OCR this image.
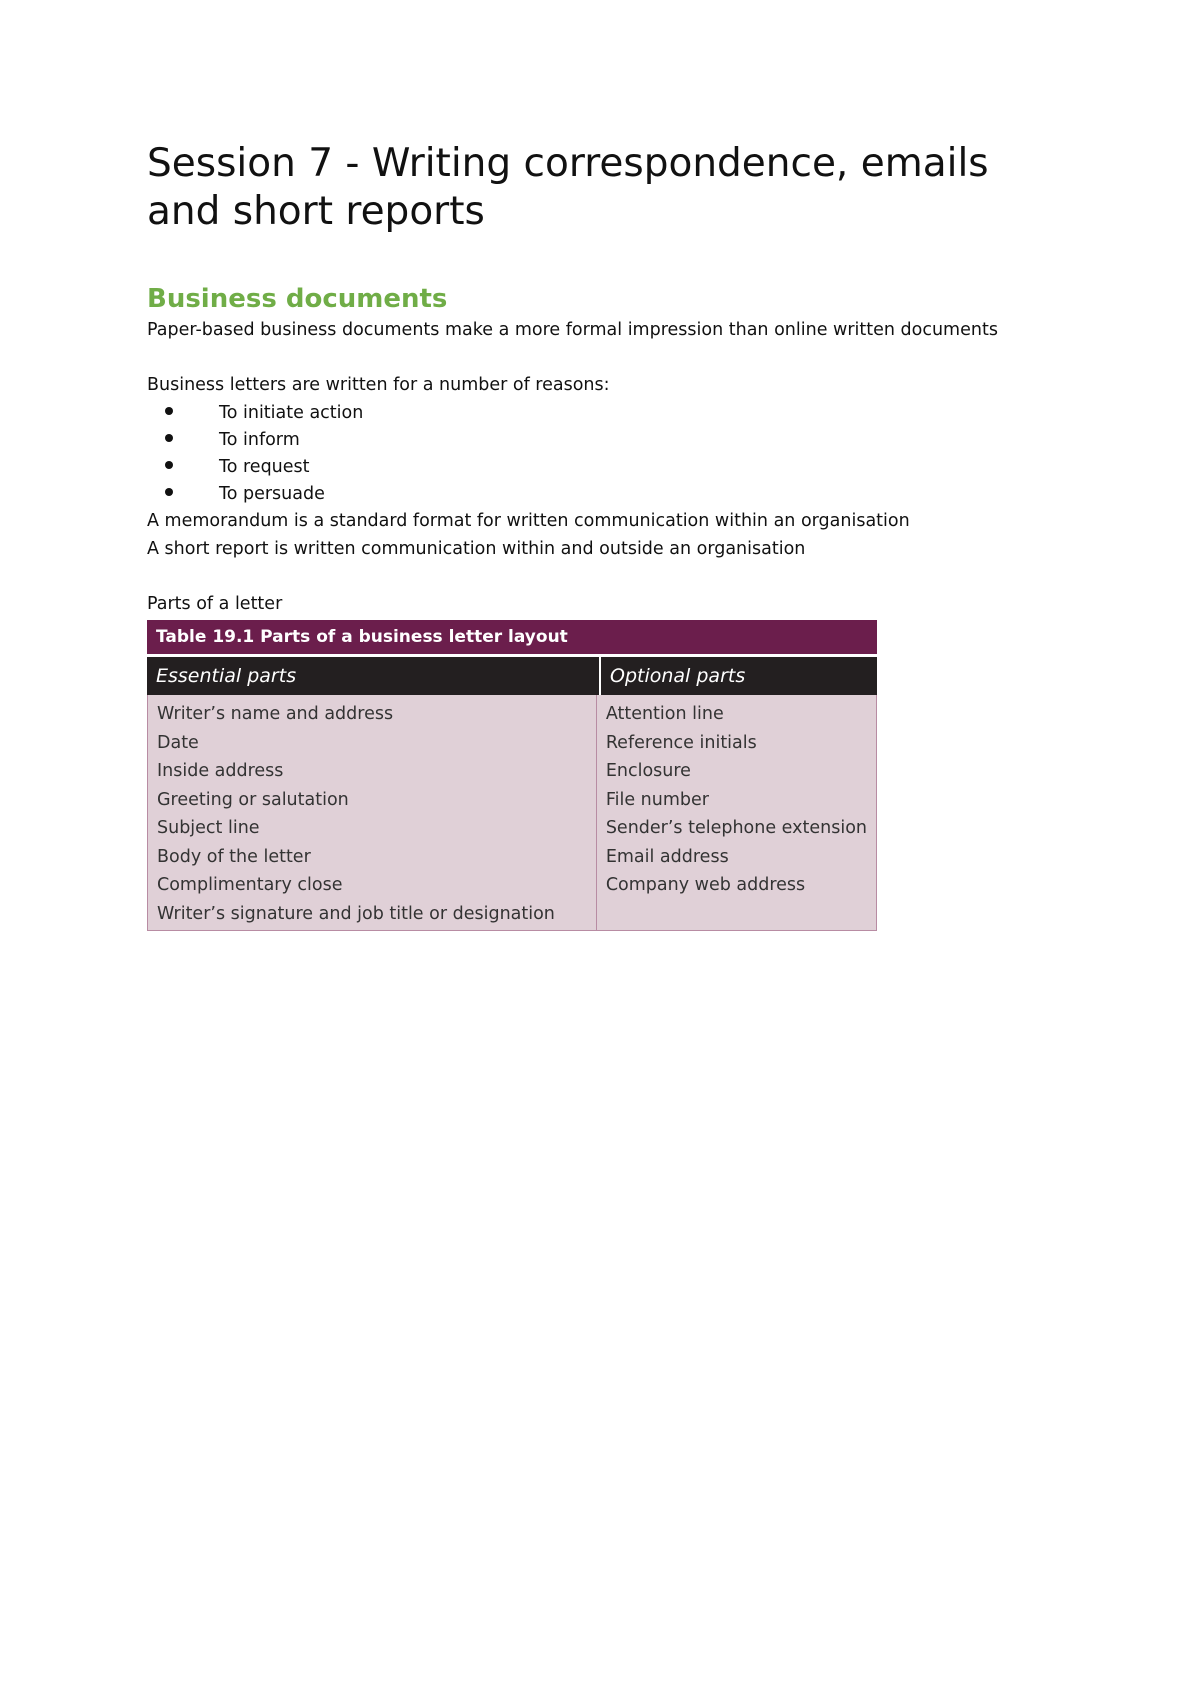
Session 7 - Writing correspondence, emails and short reports
Business documents

Paper-based business documents make a more formal impression than online written documents

Business letters are written for a number of reasons:

To initiate action
To inform
To request
To persuade

A memorandum is a standard format for written communication within an organisation

A short report is written communication within and outside an organisation

Parts of a letter

Table 19.1 Parts of a business letter layout
Essential parts	Optional parts
Writer’s name and address
Date
Inside address
Greeting or salutation
Subject line
Body of the letter
Complimentary close
Writer’s signature and job title or designation
Attention line
Reference initials
Enclosure
File number
Sender’s telephone extension
Email address
Company web address
